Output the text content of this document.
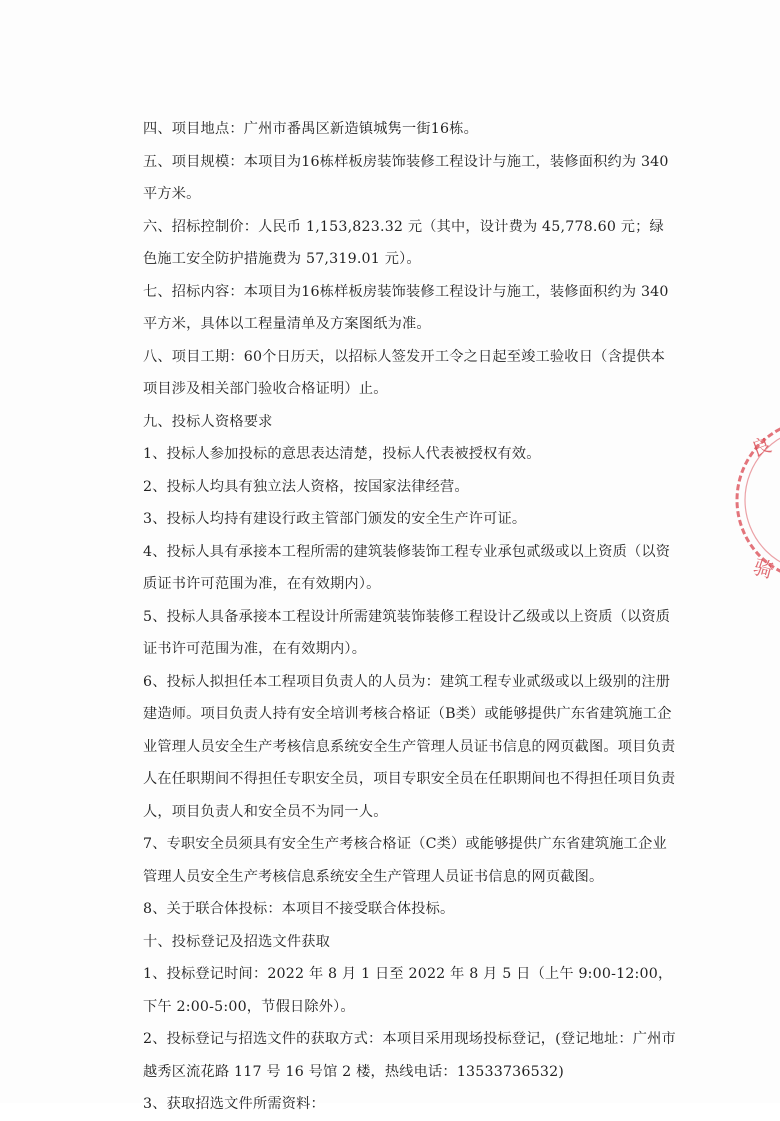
四、项目地点：广州市番禺区新造镇城隽一街16栋。

五、项目规模：本项目为16栋样板房装饰装修工程设计与施工，装修面积约为 340 平方米。

六、招标控制价：人民币 1,153,823.32 元（其中，设计费为 45,778.60 元；绿色施工安全防护措施费为 57,319.01 元）。

七、招标内容：本项目为16栋样板房装饰装修工程设计与施工，装修面积约为 340 平方米，具体以工程量清单及方案图纸为准。

八、项目工期：60个日历天，以招标人签发开工令之日起至竣工验收日（含提供本项目涉及相关部门验收合格证明）止。

九、投标人资格要求

1、投标人参加投标的意思表达清楚，投标人代表被授权有效。

2、投标人均具有独立法人资格，按国家法律经营。

3、投标人均持有建设行政主管部门颁发的安全生产许可证。

4、投标人具有承接本工程所需的建筑装修装饰工程专业承包贰级或以上资质（以资质证书许可范围为准，在有效期内）。

5、投标人具备承接本工程设计所需建筑装饰装修工程设计乙级或以上资质（以资质证书许可范围为准，在有效期内）。

6、投标人拟担任本工程项目负责人的人员为：建筑工程专业贰级或以上级别的注册建造师。项目负责人持有安全培训考核合格证（B类）或能够提供广东省建筑施工企业管理人员安全生产考核信息系统安全生产管理人员证书信息的网页截图。项目负责人在任职期间不得担任专职安全员，项目专职安全员在任职期间也不得担任项目负责人，项目负责人和安全员不为同一人。

7、专职安全员须具有安全生产考核合格证（C类）或能够提供广东省建筑施工企业管理人员安全生产考核信息系统安全生产管理人员证书信息的网页截图。

8、关于联合体投标：本项目不接受联合体投标。

十、投标登记及招选文件获取

1、投标登记时间：2022 年 8 月 1 日至 2022 年 8 月 5 日（上午 9:00-12:00，下午 2:00-5:00，节假日除外）。

2、投标登记与招选文件的获取方式：本项目采用现场投标登记，(登记地址：广州市越秀区流花路 117 号 16 号馆 2 楼，热线电话：13533736532)

3、获取招选文件所需资料：

良
骑
